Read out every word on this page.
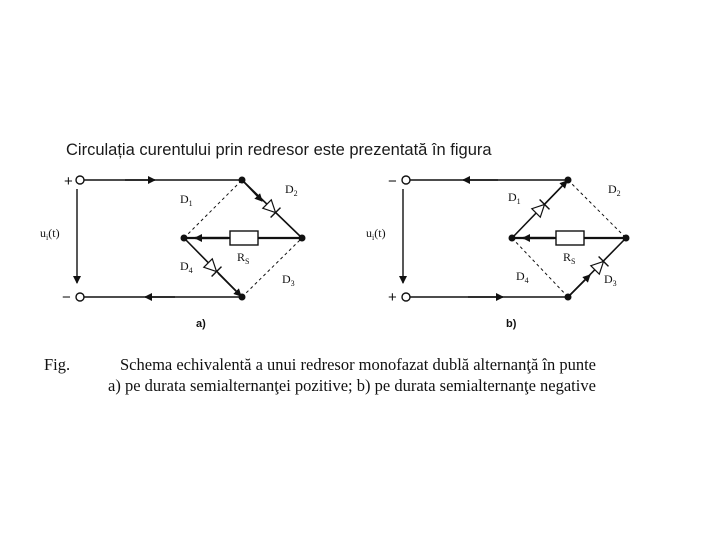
Circulația curentului prin redresor este prezentată în figura
+
−
$u_i(t)$
$D_1$
$D_2$
$D_3$
$D_4$
$R_S$
a)
−
+
$u_i(t)$
$D_1$
$D_2$
$D_3$
$D_4$
$R_S$
b)
Fig.	Schema echivalentă a unui redresor monofazat dublă alternanţă în punte
a) pe durata semialternanţei pozitive; b) pe durata semialternanţe negative
